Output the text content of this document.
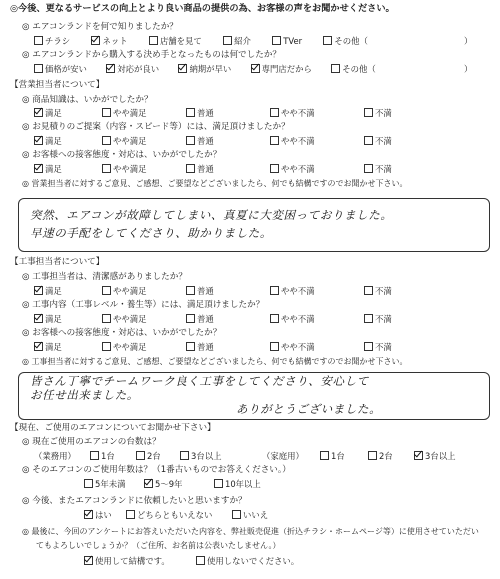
◎今後、更なるサービスの向上とより良い商品の提供の為、お客様の声をお聞かせください。
◎ エアコンランドを何で知りましたか？
チラシ	ネット	店舗を見て	紹介	TVer	その他（	）
◎ エアコンランドから購入する決め手となったものは何でしたか？
価格が安い	対応が良い	納期が早い	専門店だから	その他（	）
【営業担当者について】
◎ 商品知識は、いかがでしたか？
満足	やや満足	普通	やや不満	不満
◎ お見積りのご提案（内容・スピード等）には、満足頂けましたか？
満足	やや満足	普通	やや不満	不満
◎ お客様への接客態度・対応は、いかがでしたか？
満足	やや満足	普通	やや不満	不満
◎ 営業担当者に対するご意見、ご感想、ご要望などございましたら、何でも結構ですのでお聞かせ下さい。
突然、エアコンが故障してしまい、真夏に大変困っておりました。
早速の手配をしてくださり、助かりました。
【工事担当者について】
◎ 工事担当者は、清潔感がありましたか？
満足	やや満足	普通	やや不満	不満
◎ 工事内容（工事レベル・養生等）には、満足頂けましたか？
満足	やや満足	普通	やや不満	不満
◎ お客様への接客態度・対応は、いかがでしたか？
満足	やや満足	普通	やや不満	不満
◎ 工事担当者に対するご意見、ご感想、ご要望などございましたら、何でも結構ですのでお聞かせ下さい。
皆さん丁寧でチームワーク良く工事をしてくださり、安心して
お任せ出来ました。
ありがとうございました。
【現在、ご使用のエアコンについてお聞かせ下さい】
◎ 現在ご使用のエアコンの台数は？
（業務用）	1台	2台	3台以上	（家庭用）	1台	2台	3台以上
◎ そのエアコンのご使用年数は？（1番古いものでお答えください。）
5年未満	5～9年	10年以上
◎ 今後、またエアコンランドに依頼したいと思いますか？
はい	どちらともいえない	いいえ
◎ 最後に、今回のアンケートにお答えいただいた内容を、弊社販売促進（折込チラシ・ホームページ等）に使用させていただい
てもよろしいでしょうか？（ご住所、お名前は公表いたしません。）
使用して結構です。	使用しないでください。
